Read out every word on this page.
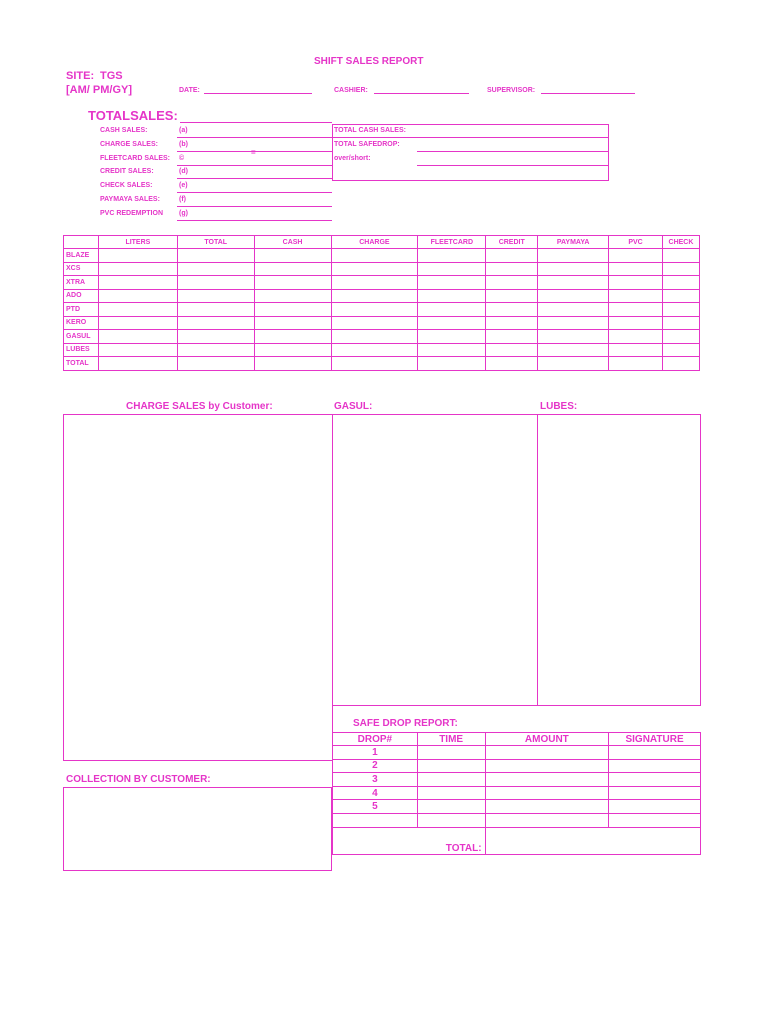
SHIFT SALES REPORT
SITE: TGS
[AM/ PM/GY]	DATE:	CASHIER:	SUPERVISOR:
TOTALSALES:
CASH SALES:	(a)
CHARGE SALES:	(b)
FLEETCARD SALES: ©
=
CREDIT SALES:	(d)
CHECK SALES:	(e)
PAYMAYA SALES:	(f)
PVC REDEMPTION (g)
TOTAL CASH SALES:
TOTAL SAFEDROP:
over/short:
	LITERS	TOTAL	CASH	CHARGE	FLEETCARD	CREDIT	PAYMAYA	PVC	CHECK
BLAZE									
XCS									
XTRA									
ADO									
PTD									
KERO									
GASUL									
LUBES									
TOTAL									
CHARGE SALES by Customer:	GASUL:	LUBES:
SAFE DROP REPORT:
DROP#	TIME	AMOUNT	SIGNATURE
1			
2			
3			
4			
5			

TOTAL:			
COLLECTION BY CUSTOMER:
